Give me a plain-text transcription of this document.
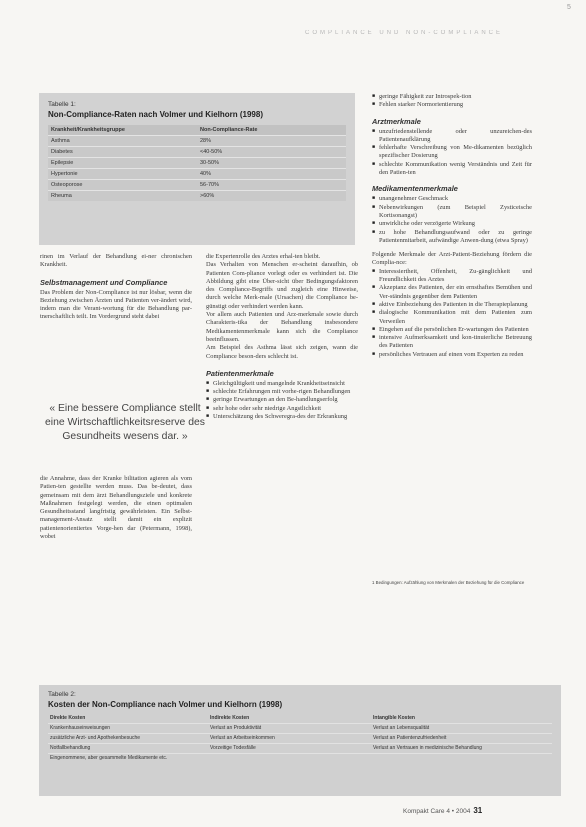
COMPLIANCE UND NON-COMPLIANCE
5
Tabelle 1:
Non-Compliance-Raten nach Volmer und Kielhorn (1998)
Krankheit/Krankheitsgruppe	Non-Compliance-Rate
Asthma	28%
Diabetes	<40-50%
Epilepsie	30-50%
Hypertonie	40%
Osteoporose	56-70%
Rheuma	>60%

rinen im Verlauf der Behandlung ei-ner chronischen Krankheit.

Selbstmanagement und Compliance

Das Problem der Non-Compliance ist nur lösbar, wenn die Beziehung zwischen Ärzten und Patienten ver-ändert wird, indem man die Verant-wortung für die Behandlung par-tnerschaftlich teilt. Im Vordergrund steht dabei

« Eine bessere Compliance stellt eine Wirtschaftlichkeitsreserve des Gesundheits wesens dar. »

die Annahme, dass der Kranke bilitation agieren als vom Patien-ten gestellte werden muss. Das be-deutet, dass gemeinsam mit dem ärzt Behandlungsziele und konkrete Maßnahmen festgelegt werden, die einen optimalen Gesundheitsstand langfristig gewährleisten. Ein Selbst-management-Ansatz stellt damit ein explizit patientenorientiertes Vorge-hen dar (Petermann, 1998), wobei

die Expertenrolle des Arztes erhal-ten bleibt.

Das Verhalten von Menschen er-scheint daraufhin, ob Patienten Com-pliance vorlegt oder es verhindert ist. Die Abbildung gibt eine Über-sicht über Bedingungsfaktoren des Compliance-Begriffs und zugleich eine Hinweise, durch welche Merk-male (Ursachen) die Compliance be-günstigt oder verhindert werden kann.

Vor allem auch Patienten und Arz-merkmale sowie durch Charakteris-tika der Behandlung insbesondere Medikamentenmerkmale kann sich die Compliance beeinflussen.

Am Beispiel des Asthma lässt sich zeigen, wann die Compliance beson-ders schlecht ist.

Patientenmerkmale
■ Gleichgültigkeit und mangelnde Krankheitseinsicht
■ schlechte Erfahrungen mit vorhe-rigen Behandlungen
■ geringe Erwartungen an den Be-handlungserfolg
■ sehr hohe oder sehr niedrige Angstlichkeit
■ Unterschätzung des Schweregra-des der Erkrankung
■ geringe Fähigkeit zur Introspek-tion
■ Fehlen starker Normorientierung
Arztmerkmale
■ unzufriedenstellende oder unzureichen-des Patientenaufklärung
■ fehlerhafte Verschreibung von Me-dikamenten bezüglich spezifischer Dosierung
■ schlechte Kommunikation wenig Verständnis und Zeit für den Patien-ten
Medikamentenmerkmale
■ unangenehmer Geschmack
■ Nebenwirkungen (zum Beispiel Zysticeische Kortisonangst)
■ unwirkliche oder verzögerte Wirkung
■ zu hohe Behandlungsaufwand oder zu geringe Patientenmitarbeit, aufwändige Anwen-dung (etwa Spray)

Folgende Merkmale der Arzt-Patient-Beziehung fördern die Complia-nce:

■ Interessiertheit, Offenheit, Zu-gänglichkeit und Freundlichkeit des Arztes
■ Akzeptanz des Patienten, der ein ernsthaftes Bemühen und Ver-ständnis gegenüber dem Patienten
■ aktive Einbeziehung des Patienten in die Therapieplanung
■ dialogische Kommunikation mit dem Patienten zum Verweilen
■ Eingehen auf die persönlichen Er-wartungen des Patienten
■ intensive Aufmerksamkeit und kon-tinuierliche Betreuung des Patienten
■ persönliches Vertrauen auf einen vom Experten zu reden
1 Bedingungen: Aufzählung von Merkmalen der Beziehung für die Compliance
Tabelle 2:
Kosten der Non-Compliance nach Volmer und Kielhorn (1998)
Direkte Kosten	Indirekte Kosten	Intangible Kosten
Krankenhauseinweisungen	Verlust an Produktivität	Verlust an Lebensqualität
zusätzliche Arzt- und Apothekenbesuche	Verlust an Arbeitseinkommen	Verlust an Patientenzufriedenheit
Notfallbehandlung	Vorzeitige Todesfälle	Verlust an Vertrauen in medizinische Behandlung
Eingenommene, aber gesammelte Medikamente etc.
Kompakt Care 4 • 2004 31
